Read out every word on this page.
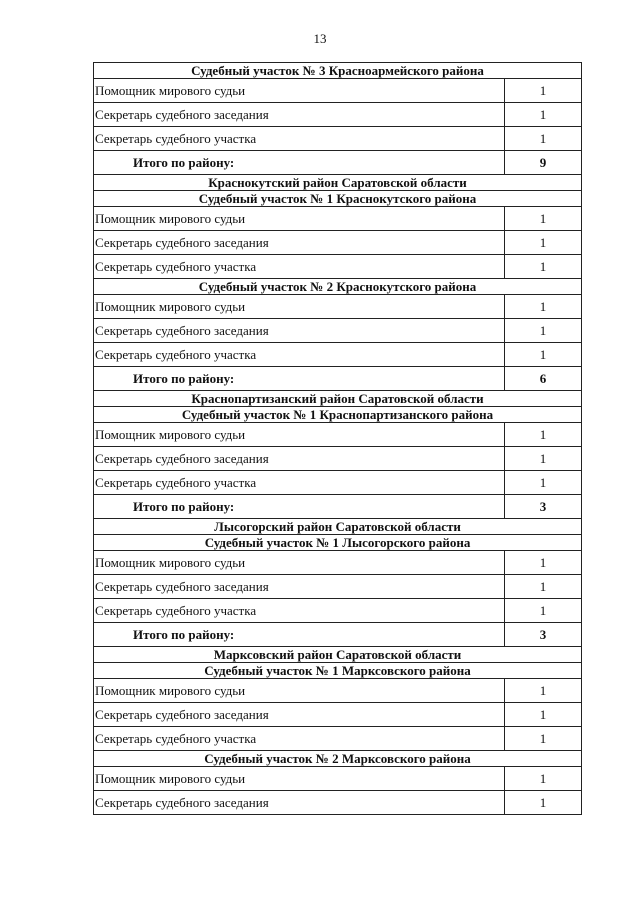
13
Судебный участок № 3 Красноармейского района	
Помощник мирового судьи	1
Секретарь судебного заседания	1
Секретарь судебного участка	1
Итого по району:	9
Краснокутский район Саратовской области	
Судебный участок № 1 Краснокутского района	
Помощник мирового судьи	1
Секретарь судебного заседания	1
Секретарь судебного участка	1
Судебный участок № 2 Краснокутского района	
Помощник мирового судьи	1
Секретарь судебного заседания	1
Секретарь судебного участка	1
Итого по району:	6
Краснопартизанский район Саратовской области	
Судебный участок № 1 Краснопартизанского района	
Помощник мирового судьи	1
Секретарь судебного заседания	1
Секретарь судебного участка	1
Итого по району:	3
Лысогорский район Саратовской области	
Судебный участок № 1 Лысогорского района	
Помощник мирового судьи	1
Секретарь судебного заседания	1
Секретарь судебного участка	1
Итого по району:	3
Марксовский район Саратовской области	
Судебный участок № 1 Марксовского района	
Помощник мирового судьи	1
Секретарь судебного заседания	1
Секретарь судебного участка	1
Судебный участок № 2 Марксовского района	
Помощник мирового судьи	1
Секретарь судебного заседания	1
